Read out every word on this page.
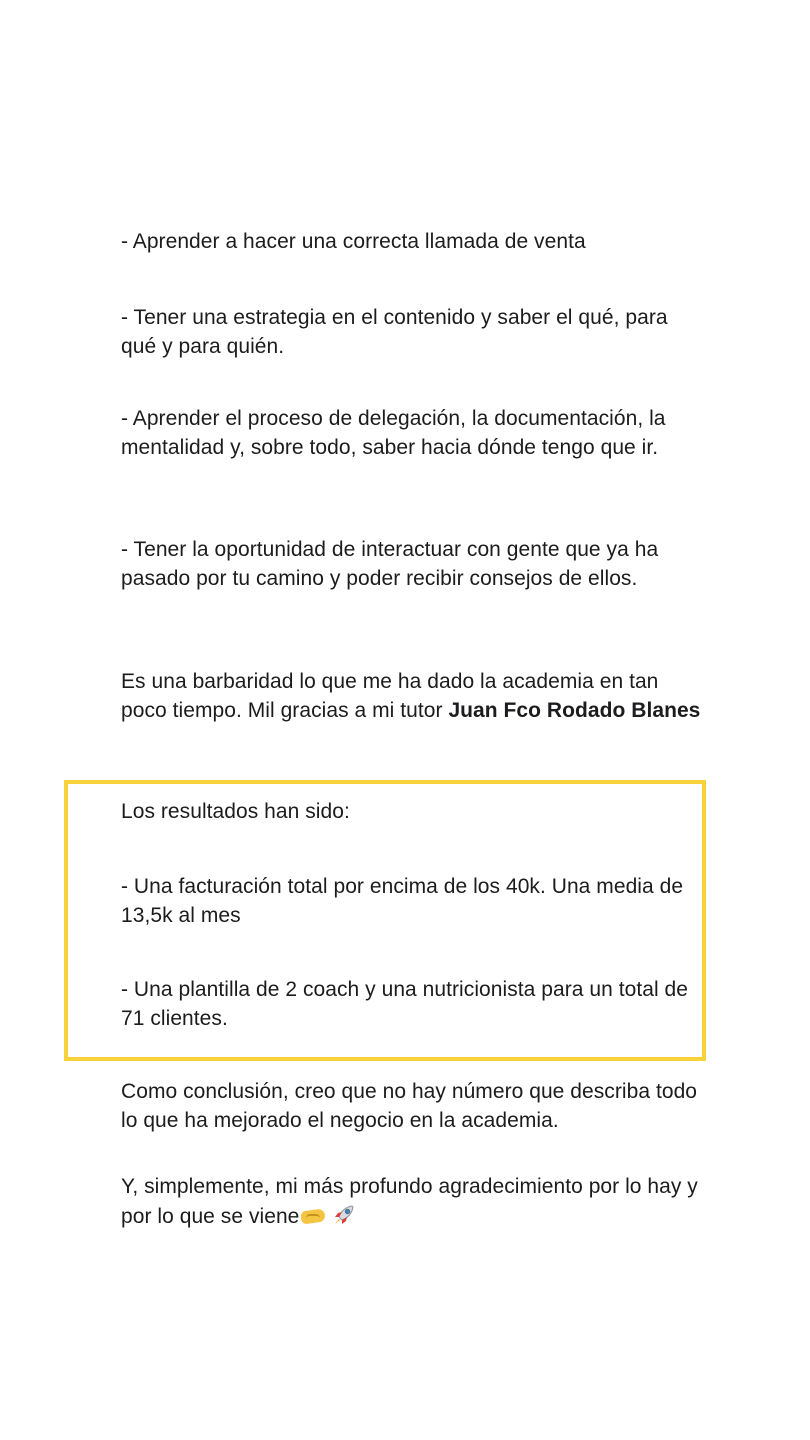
- Aprender a hacer una correcta llamada de venta

- Tener una estrategia en el contenido y saber el qué, para qué y para quién.

- Aprender el proceso de delegación, la documentación, la mentalidad y, sobre todo, saber hacia dónde tengo que ir.

- Tener la oportunidad de interactuar con gente que ya ha pasado por tu camino y poder recibir consejos de ellos.

Es una barbaridad lo que me ha dado la academia en tan poco tiempo. Mil gracias a mi tutor Juan Fco Rodado Blanes

Los resultados han sido:

- Una facturación total por encima de los 40k. Una media de 13,5k al mes

- Una plantilla de 2 coach y una nutricionista para un total de 71 clientes.

Como conclusión, creo que no hay número que describa todo lo que ha mejorado el negocio en la academia.

Y, simplemente, mi más profundo agradecimiento por lo hay y por lo que se viene
